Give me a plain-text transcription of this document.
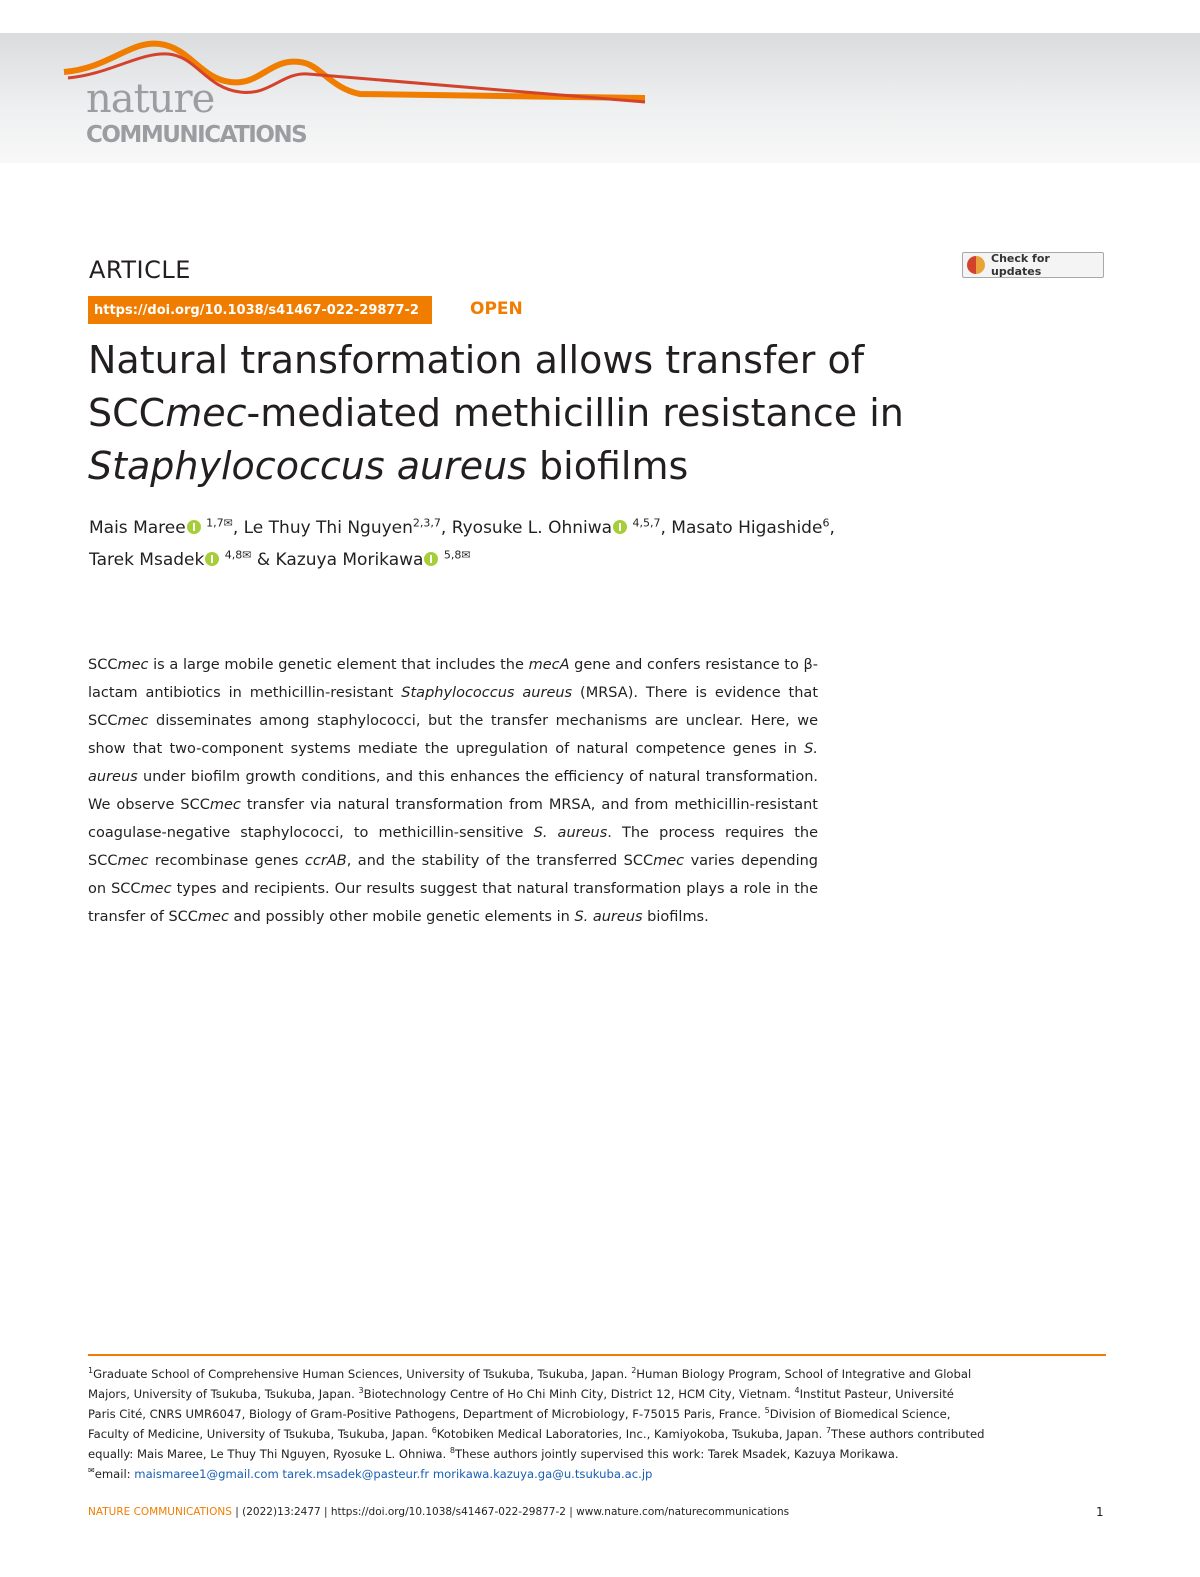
nature
COMMUNICATIONS
ARTICLE	Check for updates
https://doi.org/10.1038/s41467-022-29877-2	OPEN
Natural transformation allows transfer of
SCCmec-mediated methicillin resistance in
Staphylococcus aureus biofilms
Mais Maree $^{1,7✉}$, Le Thuy Thi Nguyen$^{2,3,7}$, Ryosuke L. Ohniwa $^{4,5,7}$, Masato Higashide$^6$,
Tarek Msadek $^{4,8✉}$ & Kazuya Morikawa $^{5,8✉}$
SCCmec is a large mobile genetic element that includes the mecA gene and confers resistance to β-lactam antibiotics in methicillin-resistant Staphylococcus aureus (MRSA). There is evidence that SCCmec disseminates among staphylococci, but the transfer mechanisms are unclear. Here, we show that two-component systems mediate the upregulation of natural competence genes in S. aureus under biofilm growth conditions, and this enhances the efficiency of natural transformation. We observe SCCmec transfer via natural transformation from MRSA, and from methicillin-resistant coagulase-negative staphylococci, to methicillin-sensitive S. aureus. The process requires the SCCmec recombinase genes ccrAB, and the stability of the transferred SCCmec varies depending on SCCmec types and recipients. Our results suggest that natural transformation plays a role in the transfer of SCCmec and possibly other mobile genetic elements in S. aureus biofilms.
$^1$Graduate School of Comprehensive Human Sciences, University of Tsukuba, Tsukuba, Japan. $^2$Human Biology Program, School of Integrative and Global
Majors, University of Tsukuba, Tsukuba, Japan. $^3$Biotechnology Centre of Ho Chi Minh City, District 12, HCM City, Vietnam. $^4$Institut Pasteur, Université
Paris Cité, CNRS UMR6047, Biology of Gram-Positive Pathogens, Department of Microbiology, F-75015 Paris, France. $^5$Division of Biomedical Science,
Faculty of Medicine, University of Tsukuba, Tsukuba, Japan. $^6$Kotobiken Medical Laboratories, Inc., Kamiyokoba, Tsukuba, Japan. $^7$These authors contributed
equally: Mais Maree, Le Thuy Thi Nguyen, Ryosuke L. Ohniwa. $^8$These authors jointly supervised this work: Tarek Msadek, Kazuya Morikawa.
✉email: maismaree1@gmail.com tarek.msadek@pasteur.fr morikawa.kazuya.ga@u.tsukuba.ac.jp
NATURE COMMUNICATIONS | (2022)13:2477 | https://doi.org/10.1038/s41467-022-29877-2 | www.nature.com/naturecommunications	1
